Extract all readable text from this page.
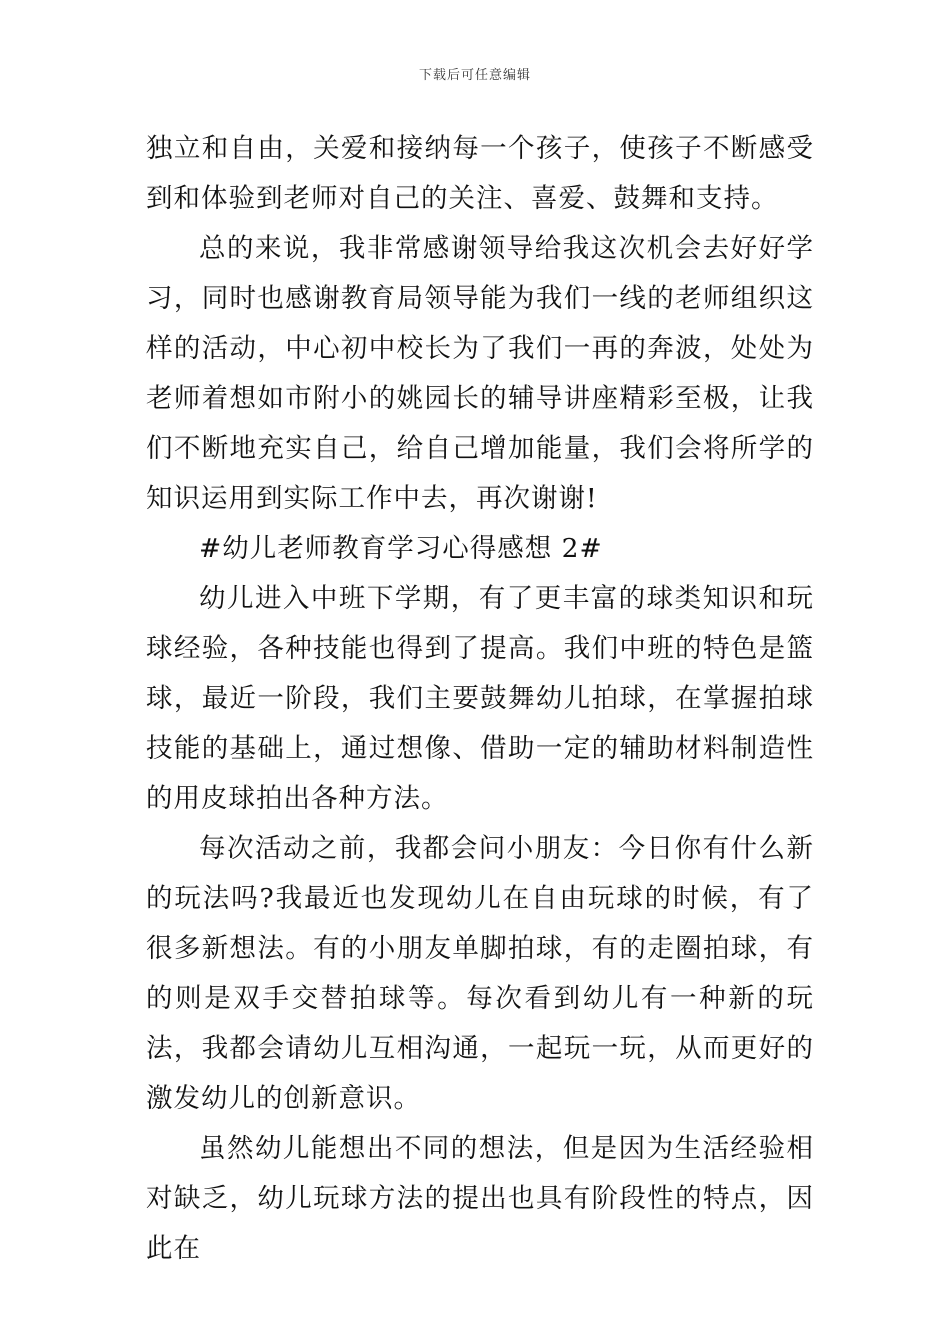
下载后可任意编辑

独立和自由，关爱和接纳每一个孩子，使孩子不断感受到和体验到老师对自己的关注、喜爱、鼓舞和支持。

总的来说，我非常感谢领导给我这次机会去好好学习，同时也感谢教育局领导能为我们一线的老师组织这样的活动，中心初中校长为了我们一再的奔波，处处为老师着想如市附小的姚园长的辅导讲座精彩至极，让我们不断地充实自己，给自己增加能量，我们会将所学的知识运用到实际工作中去，再次谢谢!

#幼儿老师教育学习心得感想 2#

幼儿进入中班下学期，有了更丰富的球类知识和玩球经验，各种技能也得到了提高。我们中班的特色是篮球，最近一阶段，我们主要鼓舞幼儿拍球，在掌握拍球技能的基础上，通过想像、借助一定的辅助材料制造性的用皮球拍出各种方法。

每次活动之前，我都会问小朋友：今日你有什么新的玩法吗?我最近也发现幼儿在自由玩球的时候，有了很多新想法。有的小朋友单脚拍球，有的走圈拍球，有的则是双手交替拍球等。每次看到幼儿有一种新的玩法，我都会请幼儿互相沟通，一起玩一玩，从而更好的激发幼儿的创新意识。

虽然幼儿能想出不同的想法，但是因为生活经验相对缺乏，幼儿玩球方法的提出也具有阶段性的特点，因此在
